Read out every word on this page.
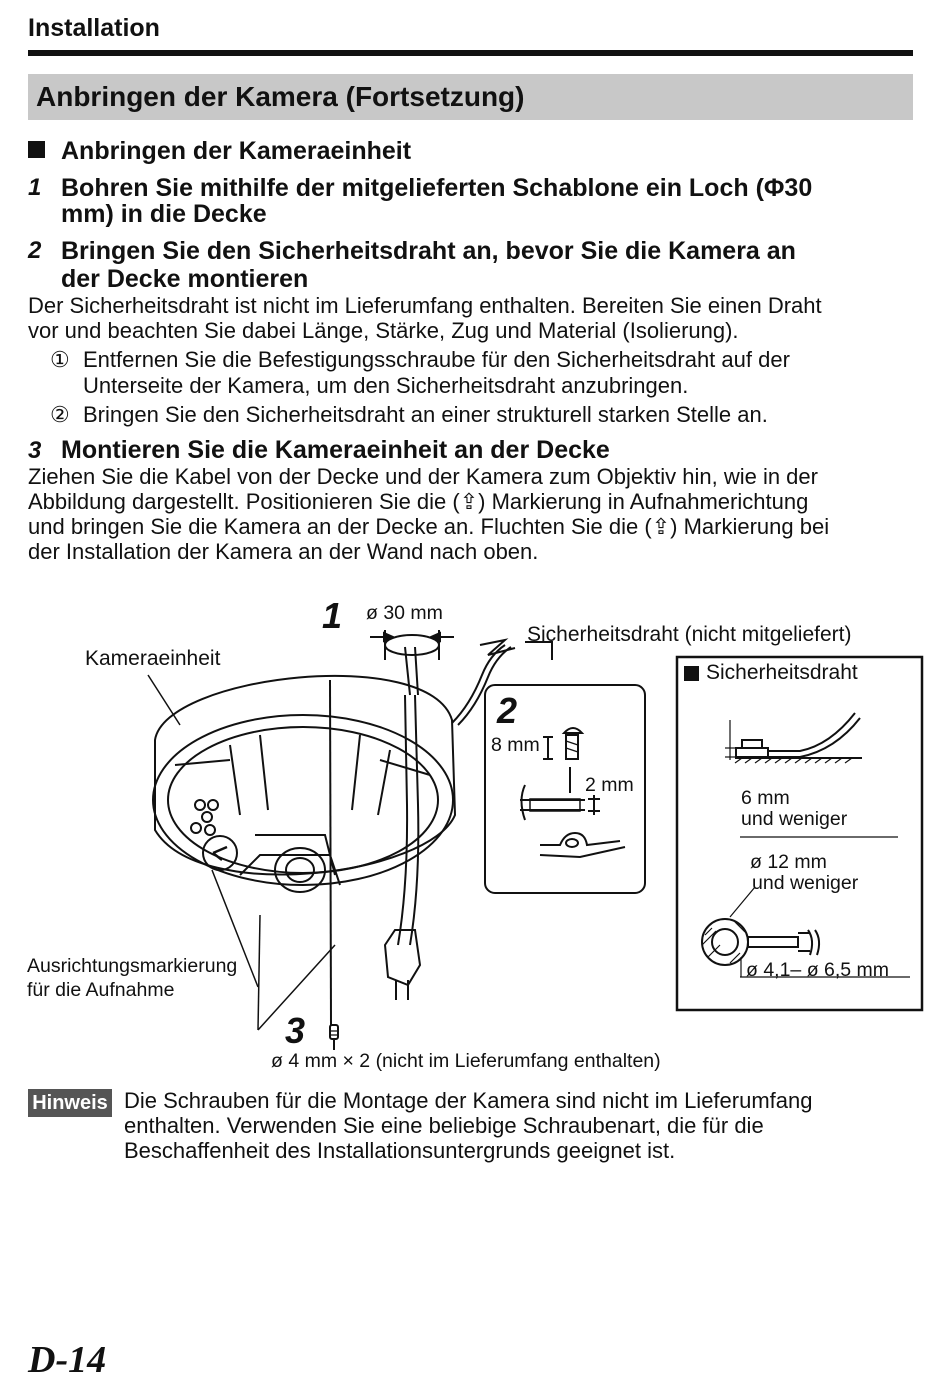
Installation
Anbringen der Kamera (Fortsetzung)
Anbringen der Kameraeinheit
1 Bohren Sie mithilfe der mitgelieferten Schablone ein Loch (Φ30
mm) in die Decke
2 Bringen Sie den Sicherheitsdraht an, bevor Sie die Kamera an
der Decke montieren
Der Sicherheitsdraht ist nicht im Lieferumfang enthalten. Bereiten Sie einen Draht
vor und beachten Sie dabei Länge, Stärke, Zug und Material (Isolierung).
① Entfernen Sie die Befestigungsschraube für den Sicherheitsdraht auf der
Unterseite der Kamera, um den Sicherheitsdraht anzubringen.
② Bringen Sie den Sicherheitsdraht an einer strukturell starken Stelle an.
3 Montieren Sie die Kameraeinheit an der Decke
Ziehen Sie die Kabel von der Decke und der Kamera zum Objektiv hin, wie in der
Abbildung dargestellt. Positionieren Sie die (⇪) Markierung in Aufnahmerichtung
und bringen Sie die Kamera an der Decke an. Fluchten Sie die (⇪) Markierung bei
der Installation der Kamera an der Wand nach oben.
1 ø 30 mm
Sicherheitsdraht (nicht mitgeliefert)
Kameraeinheit
2
8 mm
2 mm
Ausrichtungsmarkierung
für die Aufnahme
3
ø 4 mm × 2 (nicht im Lieferumfang enthalten)
Sicherheitsdraht
6 mm
und weniger
ø 12 mm
und weniger
ø 4,1– ø 6,5 mm
Hinweis Die Schrauben für die Montage der Kamera sind nicht im Lieferumfang
enthalten. Verwenden Sie eine beliebige Schraubenart, die für die
Beschaffenheit des Installationsuntergrunds geeignet ist.
D-14
